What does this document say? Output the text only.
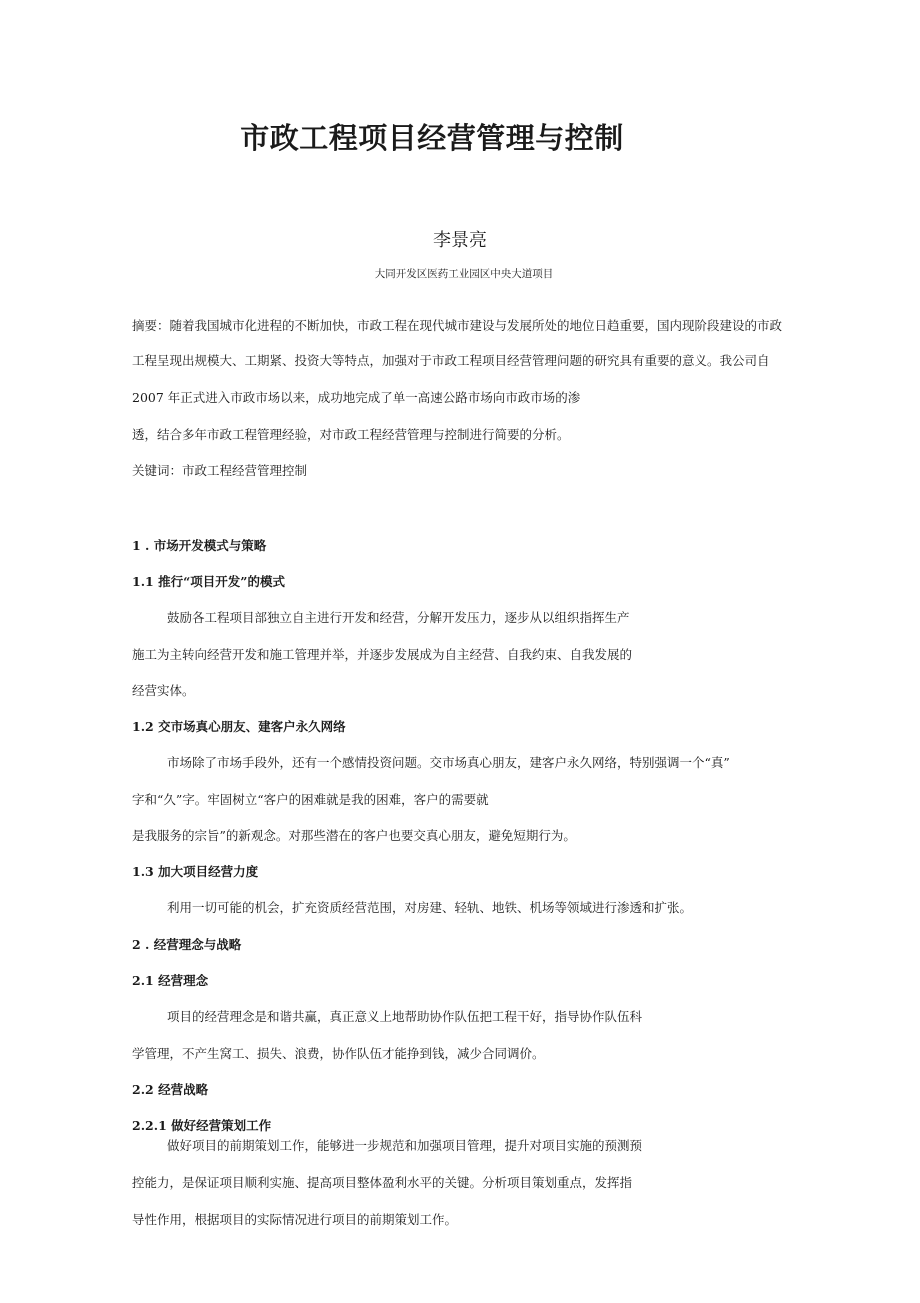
市政工程项目经营管理与控制
李景亮
大同开发区医药工业园区中央大道项目

摘要：随着我国城市化进程的不断加快，市政工程在现代城市建设与发展所处的地位日趋重要，国内现阶段建设的市政

工程呈现出规模大、工期紧、投资大等特点，加强对于市政工程项目经营管理问题的研究具有重要的意义。我公司自

2007 年正式进入市政市场以来，成功地完成了单一高速公路市场向市政市场的渗

透，结合多年市政工程管理经验，对市政工程经营管理与控制进行简要的分析。

关键词：市政工程经营管理控制

1 . 市场开发模式与策略
1.1 推行“项目开发”的模式

鼓励各工程项目部独立自主进行开发和经营，分解开发压力，逐步从以组织指挥生产

施工为主转向经营开发和施工管理并举，并逐步发展成为自主经营、自我约束、自我发展的

经营实体。

1.2 交市场真心朋友、建客户永久网络

市场除了市场手段外，还有一个感情投资问题。交市场真心朋友，建客户永久网络，特别强调一个“真”

字和“久”字。牢固树立“客户的困难就是我的困难，客户的需要就

是我服务的宗旨”的新观念。对那些潜在的客户也要交真心朋友，避免短期行为。

1.3 加大项目经营力度

利用一切可能的机会，扩充资质经营范围，对房建、轻轨、地铁、机场等领域进行渗透和扩张。

2 . 经营理念与战略
2.1 经营理念

项目的经营理念是和谐共赢，真正意义上地帮助协作队伍把工程干好，指导协作队伍科

学管理，不产生窝工、损失、浪费，协作队伍才能挣到钱，减少合同调价。

2.2 经营战略
2.2.1 做好经营策划工作

做好项目的前期策划工作，能够进一步规范和加强项目管理，提升对项目实施的预测预

控能力，是保证项目顺利实施、提高项目整体盈利水平的关键。分析项目策划重点，发挥指

导性作用，根据项目的实际情况进行项目的前期策划工作。
